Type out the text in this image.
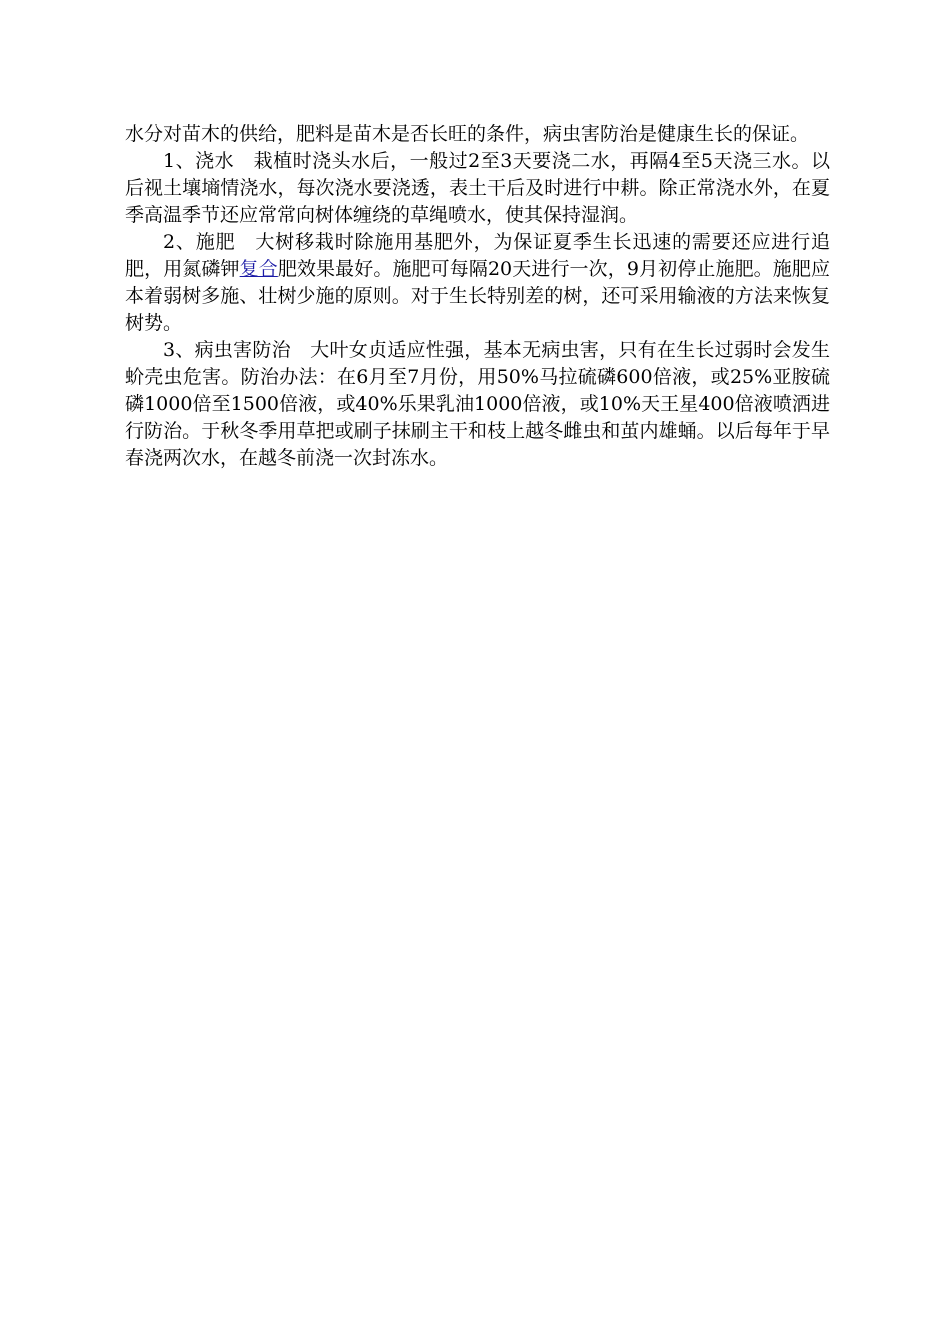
水分对苗木的供给，肥料是苗木是否长旺的条件，病虫害防治是健康生长的保证。

1、浇水　栽植时浇头水后，一般过2至3天要浇二水，再隔4至5天浇三水。以后视土壤墒情浇水，每次浇水要浇透，表土干后及时进行中耕。除正常浇水外，在夏季高温季节还应常常向树体缠绕的草绳喷水，使其保持湿润。

2、施肥　大树移栽时除施用基肥外，为保证夏季生长迅速的需要还应进行追肥，用氮磷钾复合肥效果最好。施肥可每隔20天进行一次，9月初停止施肥。施肥应本着弱树多施、壮树少施的原则。对于生长特别差的树，还可采用输液的方法来恢复树势。

3、病虫害防治　大叶女贞适应性强，基本无病虫害，只有在生长过弱时会发生蚧壳虫危害。防治办法：在6月至7月份，用50%马拉硫磷600倍液，或25%亚胺硫磷1000倍至1500倍液，或40%乐果乳油1000倍液，或10%天王星400倍液喷洒进行防治。于秋冬季用草把或刷子抹刷主干和枝上越冬雌虫和茧内雄蛹。以后每年于早春浇两次水，在越冬前浇一次封冻水。
